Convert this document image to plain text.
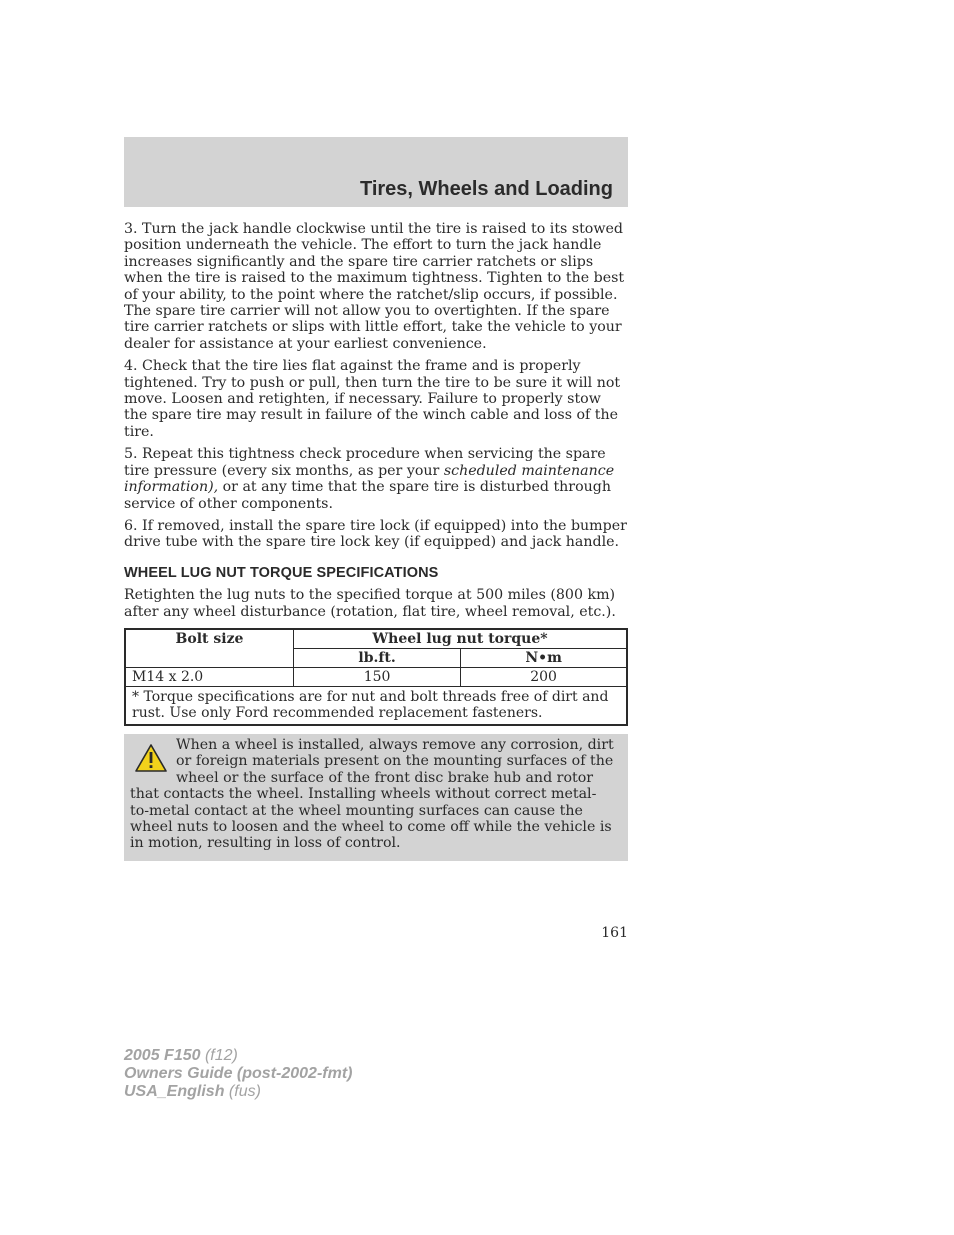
Tires, Wheels and Loading

3. Turn the jack handle clockwise until the tire is raised to its stowed position underneath the vehicle. The effort to turn the jack handle increases significantly and the spare tire carrier ratchets or slips when the tire is raised to the maximum tightness. Tighten to the best of your ability, to the point where the ratchet/slip occurs, if possible. The spare tire carrier will not allow you to overtighten. If the spare tire carrier ratchets or slips with little effort, take the vehicle to your dealer for assistance at your earliest convenience.

4. Check that the tire lies flat against the frame and is properly tightened. Try to push or pull, then turn the tire to be sure it will not move. Loosen and retighten, if necessary. Failure to properly stow the spare tire may result in failure of the winch cable and loss of the tire.

5. Repeat this tightness check procedure when servicing the spare tire pressure (every six months, as per your scheduled maintenance information), or at any time that the spare tire is disturbed through service of other components.

6. If removed, install the spare tire lock (if equipped) into the bumper drive tube with the spare tire lock key (if equipped) and jack handle.

WHEEL LUG NUT TORQUE SPECIFICATIONS

Retighten the lug nuts to the specified torque at 500 miles (800 km) after any wheel disturbance (rotation, flat tire, wheel removal, etc.).

Bolt size	Wheel lug nut torque*	
	lb.ft.	N•m
M14 x 2.0	150	200
* Torque specifications are for nut and bolt threads free of dirt and rust. Use only Ford recommended replacement fasteners.		
When a wheel is installed, always remove any corrosion, dirt or foreign materials present on the mounting surfaces of the wheel or the surface of the front disc brake hub and rotor that contacts the wheel. Installing wheels without correct metal-to-metal contact at the wheel mounting surfaces can cause the wheel nuts to loosen and the wheel to come off while the vehicle is in motion, resulting in loss of control.
161
2005 F150 (f12)
Owners Guide (post-2002-fmt)
USA_English (fus)
